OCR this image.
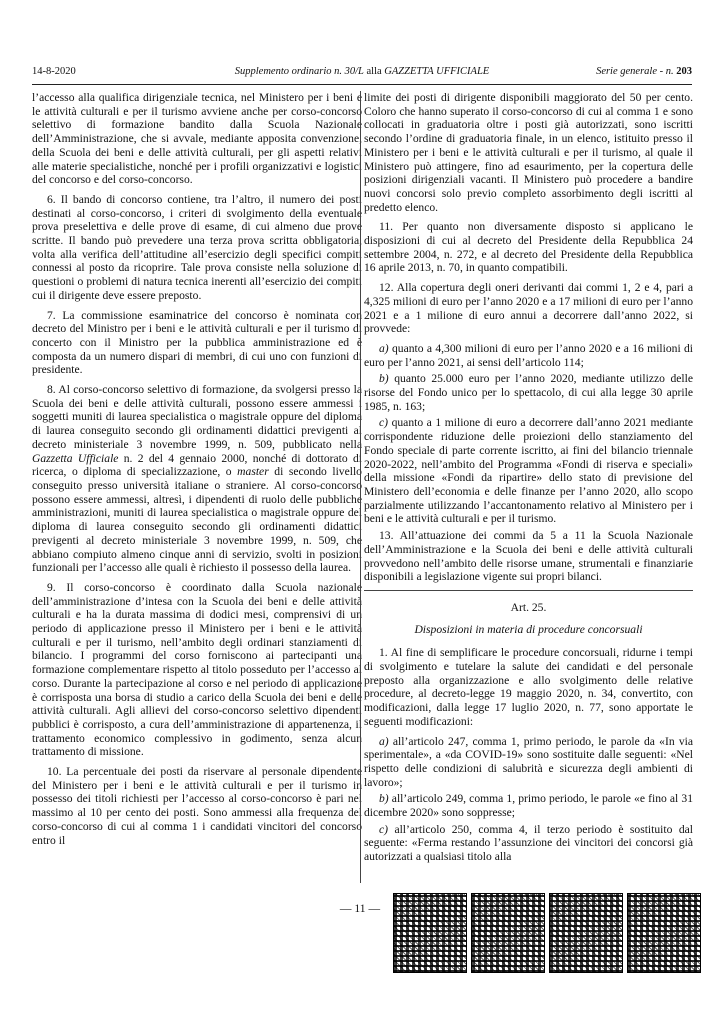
14-8-2020	Supplemento ordinario n. 30/L alla GAZZETTA UFFICIALE	Serie generale - n. 203

l’accesso alla qualifica dirigenziale tecnica, nel Ministero per i beni e le attività culturali e per il turismo avviene anche per corso-concorso selettivo di formazione bandito dalla Scuola Nazionale dell’Amministrazione, che si avvale, mediante apposita convenzione, della Scuola dei beni e delle attività culturali, per gli aspetti relativi alle materie specialistiche, nonché per i profili organizzativi e logistici del concorso e del corso-concorso.

6. Il bando di concorso contiene, tra l’altro, il numero dei posti destinati al corso-concorso, i criteri di svolgimento della eventuale prova preselettiva e delle prove di esame, di cui almeno due prove scritte. Il bando può prevedere una terza prova scritta obbligatoria, volta alla verifica dell’attitudine all’esercizio degli specifici compiti connessi al posto da ricoprire. Tale prova consiste nella soluzione di questioni o problemi di natura tecnica inerenti all’esercizio dei compiti cui il dirigente deve essere preposto.

7. La commissione esaminatrice del concorso è nominata con decreto del Ministro per i beni e le attività culturali e per il turismo di concerto con il Ministro per la pubblica amministrazione ed è composta da un numero dispari di membri, di cui uno con funzioni di presidente.

8. Al corso-concorso selettivo di formazione, da svolgersi presso la Scuola dei beni e delle attività culturali, possono essere ammessi i soggetti muniti di laurea specialistica o magistrale oppure del diploma di laurea conseguito secondo gli ordinamenti didattici previgenti al decreto ministeriale 3 novembre 1999, n. 509, pubblicato nella Gazzetta Ufficiale n. 2 del 4 gennaio 2000, nonché di dottorato di ricerca, o diploma di specializzazione, o master di secondo livello conseguito presso università italiane o straniere. Al corso-concorso possono essere ammessi, altresì, i dipendenti di ruolo delle pubbliche amministrazioni, muniti di laurea specialistica o magistrale oppure del diploma di laurea conseguito secondo gli ordinamenti didattici previgenti al decreto ministeriale 3 novembre 1999, n. 509, che abbiano compiuto almeno cinque anni di servizio, svolti in posizioni funzionali per l’accesso alle quali è richiesto il possesso della laurea.

9. Il corso-concorso è coordinato dalla Scuola nazionale dell’amministrazione d’intesa con la Scuola dei beni e delle attività culturali e ha la durata massima di dodici mesi, comprensivi di un periodo di applicazione presso il Ministero per i beni e le attività culturali e per il turismo, nell’ambito degli ordinari stanziamenti di bilancio. I programmi del corso forniscono ai partecipanti una formazione complementare rispetto al titolo posseduto per l’accesso al corso. Durante la partecipazione al corso e nel periodo di applicazione è corrisposta una borsa di studio a carico della Scuola dei beni e delle attività culturali. Agli allievi del corso-concorso selettivo dipendenti pubblici è corrisposto, a cura dell’amministrazione di appartenenza, il trattamento economico complessivo in godimento, senza alcun trattamento di missione.

10. La percentuale dei posti da riservare al personale dipendente del Ministero per i beni e le attività culturali e per il turismo in possesso dei titoli richiesti per l’accesso al corso-concorso è pari nel massimo al 10 per cento dei posti. Sono ammessi alla frequenza del corso-concorso di cui al comma 1 i candidati vincitori del concorso entro il

limite dei posti di dirigente disponibili maggiorato del 50 per cento. Coloro che hanno superato il corso-concorso di cui al comma 1 e sono collocati in graduatoria oltre i posti già autorizzati, sono iscritti secondo l’ordine di graduatoria finale, in un elenco, istituito presso il Ministero per i beni e le attività culturali e per il turismo, al quale il Ministero può attingere, fino ad esaurimento, per la copertura delle posizioni dirigenziali vacanti. Il Ministero può procedere a bandire nuovi concorsi solo previo completo assorbimento degli iscritti al predetto elenco.

11. Per quanto non diversamente disposto si applicano le disposizioni di cui al decreto del Presidente della Repubblica 24 settembre 2004, n. 272, e al decreto del Presidente della Repubblica 16 aprile 2013, n. 70, in quanto compatibili.

12. Alla copertura degli oneri derivanti dai commi 1, 2 e 4, pari a 4,325 milioni di euro per l’anno 2020 e a 17 milioni di euro per l’anno 2021 e a 1 milione di euro annui a decorrere dall’anno 2022, si provvede:

a) quanto a 4,300 milioni di euro per l’anno 2020 e a 16 milioni di euro per l’anno 2021, ai sensi dell’articolo 114;

b) quanto 25.000 euro per l’anno 2020, mediante utilizzo delle risorse del Fondo unico per lo spettacolo, di cui alla legge 30 aprile 1985, n. 163;

c) quanto a 1 milione di euro a decorrere dall’anno 2021 mediante corrispondente riduzione delle proiezioni dello stanziamento del Fondo speciale di parte corrente iscritto, ai fini del bilancio triennale 2020-2022, nell’ambito del Programma «Fondi di riserva e speciali» della missione «Fondi da ripartire» dello stato di previsione del Ministero dell’economia e delle finanze per l’anno 2020, allo scopo parzialmente utilizzando l’accantonamento relativo al Ministero per i beni e le attività culturali e per il turismo.

13. All’attuazione dei commi da 5 a 11 la Scuola Nazionale dell’Amministrazione e la Scuola dei beni e delle attività culturali provvedono nell’ambito delle risorse umane, strumentali e finanziarie disponibili a legislazione vigente sui propri bilanci.

Art. 25.
Disposizioni in materia di procedure concorsuali

1. Al fine di semplificare le procedure concorsuali, ridurne i tempi di svolgimento e tutelare la salute dei candidati e del personale preposto alla organizzazione e allo svolgimento delle relative procedure, al decreto-legge 19 maggio 2020, n. 34, convertito, con modificazioni, dalla legge 17 luglio 2020, n. 77, sono apportate le seguenti modificazioni:

a) all’articolo 247, comma 1, primo periodo, le parole da «In via sperimentale», a «da COVID-19» sono sostituite dalle seguenti: «Nel rispetto delle condizioni di salubrità e sicurezza degli ambienti di lavoro»;

b) all’articolo 249, comma 1, primo periodo, le parole «e fino al 31 dicembre 2020» sono soppresse;

c) all’articolo 250, comma 4, il terzo periodo è sostituito dal seguente: «Ferma restando l’assunzione dei vincitori dei concorsi già autorizzati a qualsiasi titolo alla

— 11 —
